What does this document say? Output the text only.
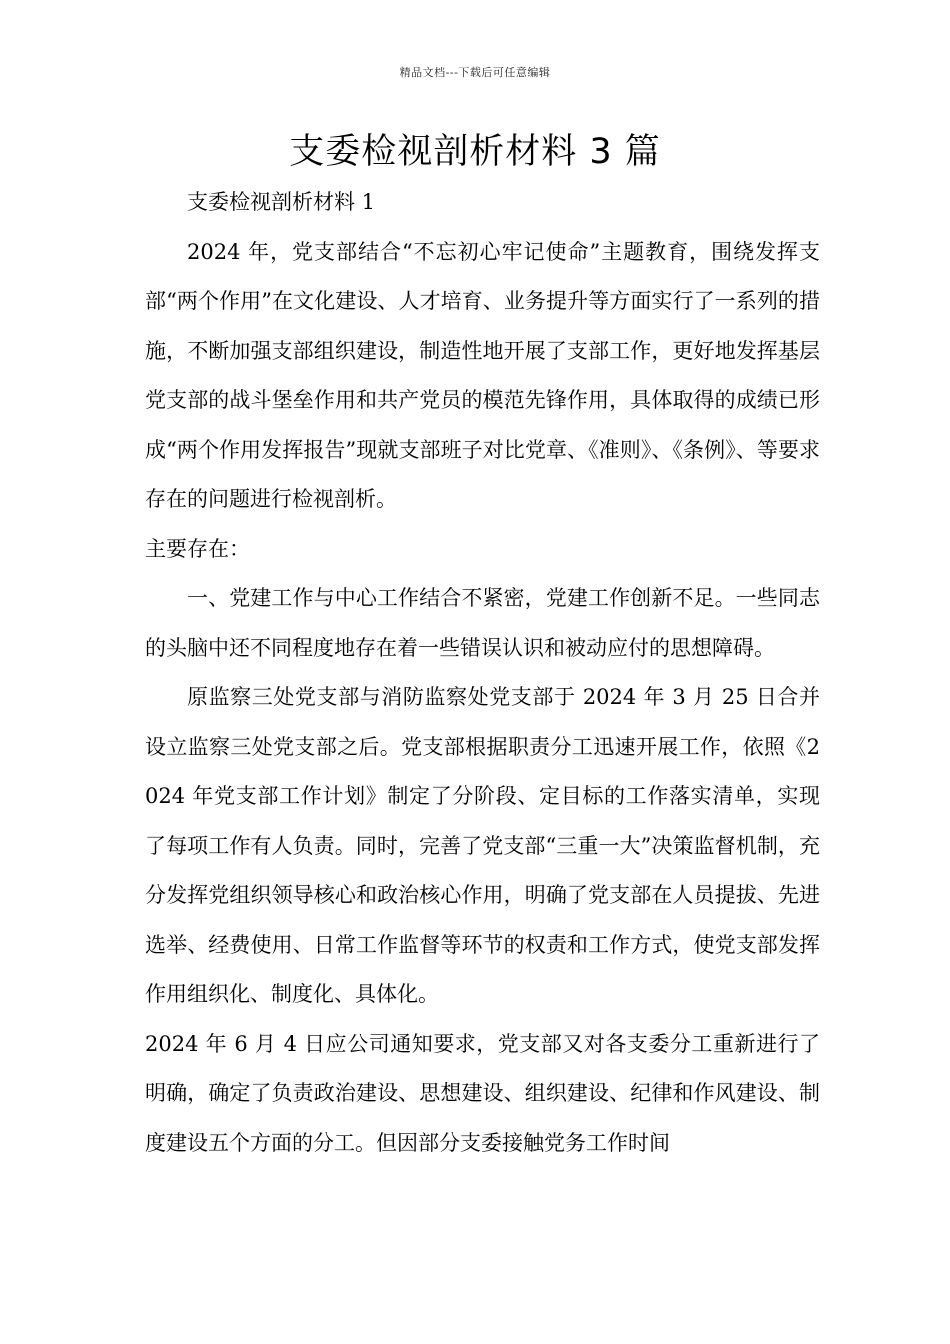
精品文档---下载后可任意编辑
支委检视剖析材料 3 篇

支委检视剖析材料 1

2024 年，党支部结合“不忘初心牢记使命”主题教育，围绕发挥支部“两个作用”在文化建设、人才培育、业务提升等方面实行了一系列的措施，不断加强支部组织建设，制造性地开展了支部工作，更好地发挥基层党支部的战斗堡垒作用和共产党员的模范先锋作用，具体取得的成绩已形成“两个作用发挥报告”现就支部班子对比党章、《准则》、《条例》、等要求存在的问题进行检视剖析。

主要存在：

一、党建工作与中心工作结合不紧密，党建工作创新不足。一些同志的头脑中还不同程度地存在着一些错误认识和被动应付的思想障碍。

原监察三处党支部与消防监察处党支部于 2024 年 3 月 25 日合并设立监察三处党支部之后。党支部根据职责分工迅速开展工作，依照《2024 年党支部工作计划》制定了分阶段、定目标的工作落实清单，实现了每项工作有人负责。同时，完善了党支部“三重一大”决策监督机制，充分发挥党组织领导核心和政治核心作用，明确了党支部在人员提拔、先进选举、经费使用、日常工作监督等环节的权责和工作方式，使党支部发挥作用组织化、制度化、具体化。

2024 年 6 月 4 日应公司通知要求，党支部又对各支委分工重新进行了明确，确定了负责政治建设、思想建设、组织建设、纪律和作风建设、制度建设五个方面的分工。但因部分支委接触党务工作时间
